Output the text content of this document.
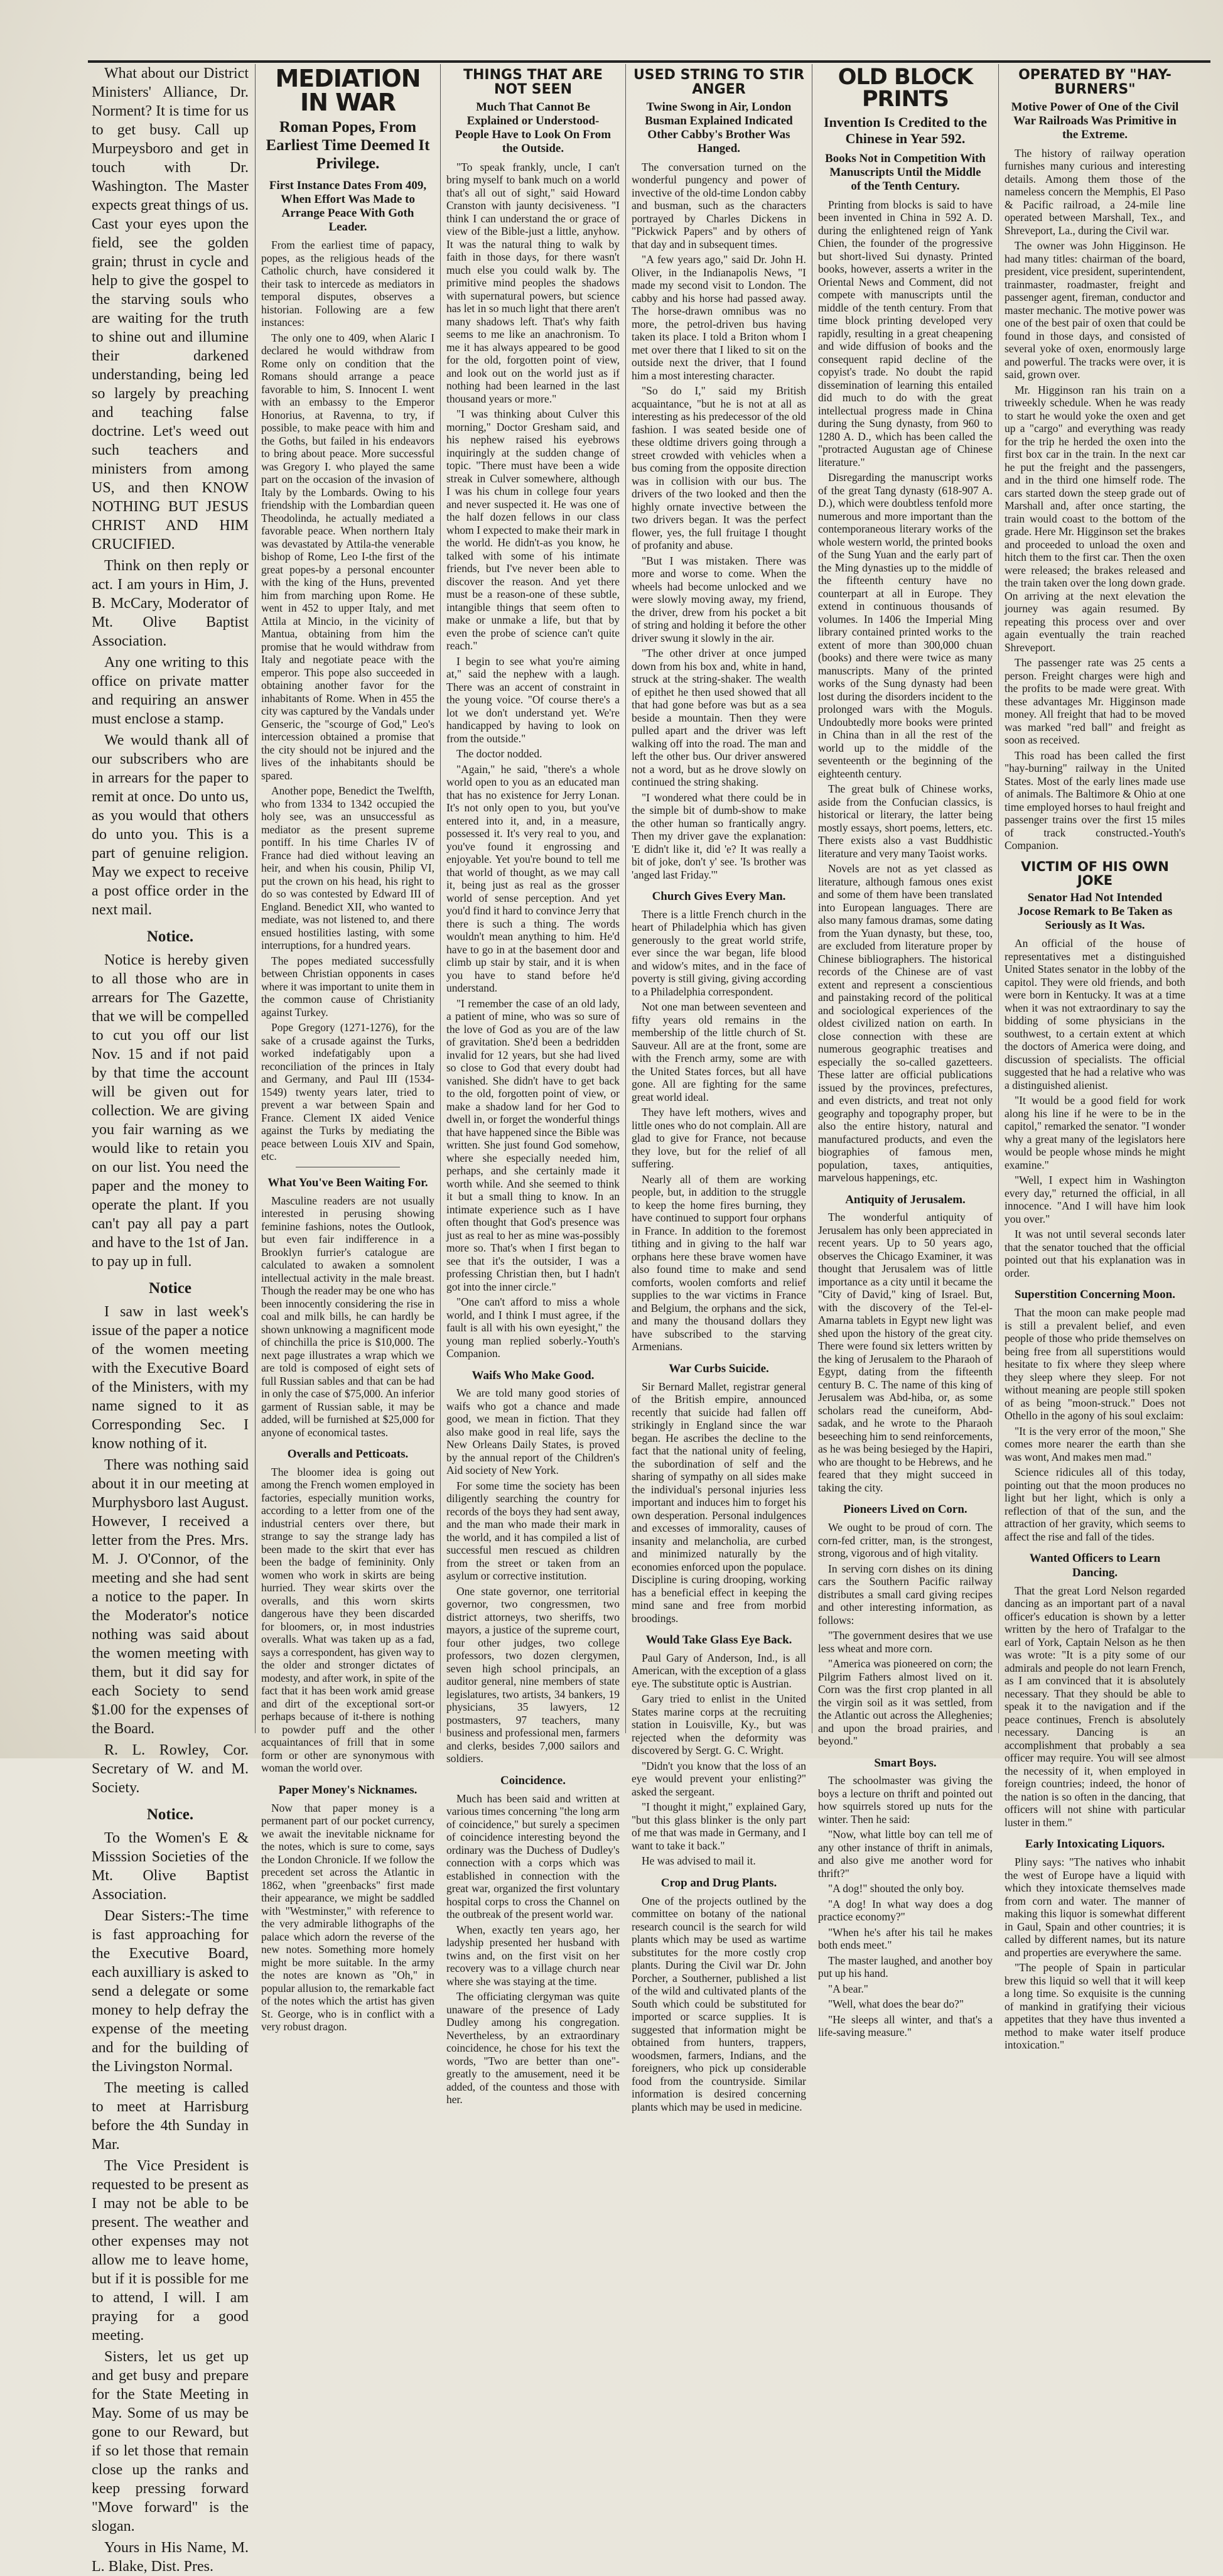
What about our District Ministers' Alliance, Dr. Norment? It is time for us to get busy. Call up Murpeysboro and get in touch with Dr. Washington. The Master expects great things of us. Cast your eyes upon the field, see the golden grain; thrust in cycle and help to give the gospel to the starving souls who are waiting for the truth to shine out and illumine their darkened understanding, being led so largely by preaching and teaching false doctrine. Let's weed out such teachers and ministers from among US, and then KNOW NOTHING BUT JESUS CHRIST AND HIM CRUCIFIED.

Think on then reply or act. I am yours in Him, J. B. McCary, Moderator of Mt. Olive Baptist Association.

Any one writing to this office on private matter and requiring an answer must enclose a stamp.

We would thank all of our subscribers who are in arrears for the paper to remit at once. Do unto us, as you would that others do unto you. This is a part of genuine religion. May we expect to receive a post office order in the next mail.

Notice.

Notice is hereby given to all those who are in arrears for The Gazette, that we will be compelled to cut you off our list Nov. 15 and if not paid by that time the account will be given out for collection. We are giving you fair warning as we would like to retain you on our list. You need the paper and the money to operate the plant. If you can't pay all pay a part and have to the 1st of Jan. to pay up in full.

Notice

I saw in last week's issue of the paper a notice of the women meeting with the Executive Board of the Ministers, with my name signed to it as Corresponding Sec. I know nothing of it.

There was nothing said about it in our meeting at Murphysboro last August. However, I received a letter from the Pres. Mrs. M. J. O'Connor, of the meeting and she had sent a notice to the paper. In the Moderator's notice nothing was said about the women meeting with them, but it did say for each Society to send $1.00 for the expenses of the Board.

R. L. Rowley, Cor. Secretary of W. and M. Society.

Notice.

To the Women's E & Misssion Societies of the Mt. Olive Baptist Association.

Dear Sisters:-The time is fast approaching for the Executive Board, each auxilliary is asked to send a delegate or some money to help defray the expense of the meeting and for the building of the Livingston Normal.

The meeting is called to meet at Harrisburg before the 4th Sunday in Mar.

The Vice President is requested to be present as I may not be able to be present. The weather and other expenses may not allow me to leave home, but if it is possible for me to attend, I will. I am praying for a good meeting.

Sisters, let us get up and get busy and prepare for the State Meeting in May. Some of us may be gone to our Reward, but if so let those that remain close up the ranks and keep pressing forward "Move forward" is the slogan.

Yours in His Name, M. L. Blake, Dist. Pres.

MEDIATION IN WAR
Roman Popes, From Earliest Time Deemed It Privilege.
First Instance Dates From 409, When Effort Was Made to Arrange Peace With Goth Leader.

From the earliest time of papacy, popes, as the religious heads of the Catholic church, have considered it their task to intercede as mediators in temporal disputes, observes a historian. Following are a few instances:

The only one to 409, when Alaric I declared he would withdraw from Rome only on condition that the Romans should arrange a peace favorable to him, S. Innocent I. went with an embassy to the Emperor Honorius, at Ravenna, to try, if possible, to make peace with him and the Goths, but failed in his endeavors to bring about peace. More successful was Gregory I. who played the same part on the occasion of the invasion of Italy by the Lombards. Owing to his friendship with the Lombardian queen Theodolinda, he actually mediated a favorable peace. When northern Italy was devastated by Attila-the venerable bishop of Rome, Leo I-the first of the great popes-by a personal encounter with the king of the Huns, prevented him from marching upon Rome. He went in 452 to upper Italy, and met Attila at Mincio, in the vicinity of Mantua, obtaining from him the promise that he would withdraw from Italy and negotiate peace with the emperor. This pope also succeeded in obtaining another favor for the inhabitants of Rome. When in 455 the city was captured by the Vandals under Genseric, the "scourge of God," Leo's intercession obtained a promise that the city should not be injured and the lives of the inhabitants should be spared.

Another pope, Benedict the Twelfth, who from 1334 to 1342 occupied the holy see, was an unsuccessful as mediator as the present supreme pontiff. In his time Charles IV of France had died without leaving an heir, and when his cousin, Philip VI, put the crown on his head, his right to do so was contested by Edward III of England. Benedict XII, who wanted to mediate, was not listened to, and there ensued hostilities lasting, with some interruptions, for a hundred years.

The popes mediated successfully between Christian opponents in cases where it was important to unite them in the common cause of Christianity against Turkey.

Pope Gregory (1271-1276), for the sake of a crusade against the Turks, worked indefatigably upon a reconciliation of the princes in Italy and Germany, and Paul III (1534-1549) twenty years later, tried to prevent a war between Spain and France. Clement IX aided Venice against the Turks by mediating the peace between Louis XIV and Spain, etc.

What You've Been Waiting For.

Masculine readers are not usually interested in perusing showing feminine fashions, notes the Outlook, but even fair indifference in a Brooklyn furrier's catalogue are calculated to awaken a somnolent intellectual activity in the male breast. Though the reader may be one who has been innocently considering the rise in coal and milk bills, he can hardly be shown unknowing a magnificent mode of chinchilla the price is $10,000. The next page illustrates a wrap which we are told is composed of eight sets of full Russian sables and that can be had in only the case of $75,000. An inferior garment of Russian sable, it may be added, will be furnished at $25,000 for anyone of economical tastes.

Overalls and Petticoats.

The bloomer idea is going out among the French women employed in factories, especially munition works, according to a letter from one of the industrial centers over there, but strange to say the strange lady has been made to the skirt that ever has been the badge of femininity. Only women who work in skirts are being hurried. They wear skirts over the overalls, and this worn skirts dangerous have they been discarded for bloomers, or, in most industries overalls. What was taken up as a fad, says a correspondent, has given way to the older and stronger dictates of modesty, and after work, in spite of the fact that it has been work amid grease and dirt of the exceptional sort-or perhaps because of it-there is nothing to powder puff and the other acquaintances of frill that in some form or other are synonymous with woman the world over.

Paper Money's Nicknames.

Now that paper money is a permanent part of our pocket currency, we await the inevitable nickname for the notes, which is sure to come, says the London Chronicle. If we follow the precedent set across the Atlantic in 1862, when "greenbacks" first made their appearance, we might be saddled with "Westminster," with reference to the very admirable lithographs of the palace which adorn the reverse of the new notes. Something more homely might be more suitable. In the army the notes are known as "Oh," in popular allusion to, the remarkable fact of the notes which the artist has given St. George, who is in conflict with a very robust dragon.

THINGS THAT ARE NOT SEEN
Much That Cannot Be Explained or Understood-People Have to Look On From the Outside.

"To speak frankly, uncle, I can't bring myself to bank much on a world that's all out of sight," said Howard Cranston with jaunty decisiveness. "I think I can understand the or grace of view of the Bible-just a little, anyhow. It was the natural thing to walk by faith in those days, for there wasn't much else you could walk by. The primitive mind peoples the shadows with supernatural powers, but science has let in so much light that there aren't many shadows left. That's why faith seems to me like an anachronism. To me it has always appeared to be good for the old, forgotten point of view, and look out on the world just as if nothing had been learned in the last thousand years or more."

"I was thinking about Culver this morning," Doctor Gresham said, and his nephew raised his eyebrows inquiringly at the sudden change of topic. "There must have been a wide streak in Culver somewhere, although I was his chum in college four years and never suspected it. He was one of the half dozen fellows in our class whom I expected to make their mark in the world. He didn't-as you know, he talked with some of his intimate friends, but I've never been able to discover the reason. And yet there must be a reason-one of these subtle, intangible things that seem often to make or unmake a life, but that by even the probe of science can't quite reach."

I begin to see what you're aiming at," said the nephew with a laugh. There was an accent of constraint in the young voice. "Of course there's a lot we don't understand yet. We're handicapped by having to look on from the outside."

The doctor nodded.

"Again," he said, "there's a whole world open to you as an educated man that has no existence for Jerry Lonan. It's not only open to you, but you've entered into it, and, in a measure, possessed it. It's very real to you, and you've found it engrossing and enjoyable. Yet you're bound to tell me that world of thought, as we may call it, being just as real as the grosser world of sense perception. And yet you'd find it hard to convince Jerry that there is such a thing. The words wouldn't mean anything to him. He'd have to go in at the basement door and climb up stair by stair, and it is when you have to stand before he'd understand.

"I remember the case of an old lady, a patient of mine, who was so sure of the love of God as you are of the law of gravitation. She'd been a bedridden invalid for 12 years, but she had lived so close to God that every doubt had vanished. She didn't have to get back to the old, forgotten point of view, or make a shadow land for her God to dwell in, or forget the wonderful things that have happened since the Bible was written. She just found God somehow, where she especially needed him, perhaps, and she certainly made it worth while. And she seemed to think it but a small thing to know. In an intimate experience such as I have often thought that God's presence was just as real to her as mine was-possibly more so. That's when I first began to see that it's the outsider, I was a professing Christian then, but I hadn't got into the inner circle."

"One can't afford to miss a whole world, and I think I must agree, if the fault is all with his own eyesight," the young man replied soberly.-Youth's Companion.

Waifs Who Make Good.

We are told many good stories of waifs who got a chance and made good, we mean in fiction. That they also make good in real life, says the New Orleans Daily States, is proved by the annual report of the Children's Aid society of New York.

For some time the society has been diligently searching the country for records of the boys they had sent away, and the man who made their mark in the world, and it has compiled a list of successful men rescued as children from the street or taken from an asylum or corrective institution.

One state governor, one territorial governor, two congressmen, two district attorneys, two sheriffs, two mayors, a justice of the supreme court, four other judges, two college professors, two dozen clergymen, seven high school principals, an auditor general, nine members of state legislatures, two artists, 34 bankers, 19 physicians, 35 lawyers, 12 postmasters, 97 teachers, many business and professional men, farmers and clerks, besides 7,000 sailors and soldiers.

Coincidence.

Much has been said and written at various times concerning "the long arm of coincidence," but surely a specimen of coincidence interesting beyond the ordinary was the Duchess of Dudley's connection with a corps which was established in connection with the great war, organized the first voluntary hospital corps to cross the Channel on the outbreak of the present world war.

When, exactly ten years ago, her ladyship presented her husband with twins and, on the first visit on her recovery was to a village church near where she was staying at the time.

The officiating clergyman was quite unaware of the presence of Lady Dudley among his congregation. Nevertheless, by an extraordinary coincidence, he chose for his text the words, "Two are better than one"-greatly to the amusement, need it be added, of the countess and those with her.

USED STRING TO STIR ANGER
Twine Swong in Air, London Busman Explained Indicated Other Cabby's Brother Was Hanged.

The conversation turned on the wonderful pungency and power of invective of the old-time London cabby and busman, such as the characters portrayed by Charles Dickens in "Pickwick Papers" and by others of that day and in subsequent times.

"A few years ago," said Dr. John H. Oliver, in the Indianapolis News, "I made my second visit to London. The cabby and his horse had passed away. The horse-drawn omnibus was no more, the petrol-driven bus having taken its place. I told a Briton whom I met over there that I liked to sit on the outside next the driver, that I found him a most interesting character.

"So do I," said my British acquaintance, "but he is not at all as interesting as his predecessor of the old fashion. I was seated beside one of these oldtime drivers going through a street crowded with vehicles when a bus coming from the opposite direction was in collision with our bus. The drivers of the two looked and then the highly ornate invective between the two drivers began. It was the perfect flower, yes, the full fruitage I thought of profanity and abuse.

"But I was mistaken. There was more and worse to come. When the wheels had become unlocked and we were slowly moving away, my friend, the driver, drew from his pocket a bit of string and holding it before the other driver swung it slowly in the air.

"The other driver at once jumped down from his box and, white in hand, struck at the string-shaker. The wealth of epithet he then used showed that all that had gone before was but as a sea beside a mountain. Then they were pulled apart and the driver was left walking off into the road. The man and left the other bus. Our driver answered not a word, but as he drove slowly on continued the string shaking.

"I wondered what there could be in the simple bit of dumb-show to make the other human so frantically angry. Then my driver gave the explanation: 'E didn't like it, did 'e? It was really a bit of joke, don't y' see. 'Is brother was 'anged last Friday.'"

Church Gives Every Man.

There is a little French church in the heart of Philadelphia which has given generously to the great world strife, ever since the war began, life blood and widow's mites, and in the face of poverty is still giving, giving according to a Philadelphia correspondent.

Not one man between seventeen and fifty years old remains in the membership of the little church of St. Sauveur. All are at the front, some are with the French army, some are with the United States forces, but all have gone. All are fighting for the same great world ideal.

They have left mothers, wives and little ones who do not complain. All are glad to give for France, not because they love, but for the relief of all suffering.

Nearly all of them are working people, but, in addition to the struggle to keep the home fires burning, they have continued to support four orphans in France. In addition to the foremost tithing and in giving to the half war orphans here these brave women have also found time to make and send comforts, woolen comforts and relief supplies to the war victims in France and Belgium, the orphans and the sick, and many the thousand dollars they have subscribed to the starving Armenians.

War Curbs Suicide.

Sir Bernard Mallet, registrar general of the British empire, announced recently that suicide had fallen off strikingly in England since the war began. He ascribes the decline to the fact that the national unity of feeling, the subordination of self and the sharing of sympathy on all sides make the individual's personal injuries less important and induces him to forget his own desperation. Personal indulgences and excesses of immorality, causes of insanity and melancholia, are curbed and minimized naturally by the economies enforced upon the populace. Discipline is curing drooping, working has a beneficial effect in keeping the mind sane and free from morbid broodings.

Would Take Glass Eye Back.

Paul Gary of Anderson, Ind., is all American, with the exception of a glass eye. The substitute optic is Austrian.

Gary tried to enlist in the United States marine corps at the recruiting station in Louisville, Ky., but was rejected when the deformity was discovered by Sergt. G. C. Wright.

"Didn't you know that the loss of an eye would prevent your enlisting?" asked the sergeant.

"I thought it might," explained Gary, "but this glass blinker is the only part of me that was made in Germany, and I want to take it back."

He was advised to mail it.

Crop and Drug Plants.

One of the projects outlined by the committee on botany of the national research council is the search for wild plants which may be used as wartime substitutes for the more costly crop plants. During the Civil war Dr. John Porcher, a Southerner, published a list of the wild and cultivated plants of the South which could be substituted for imported or scarce supplies. It is suggested that information might be obtained from hunters, trappers, woodsmen, farmers, Indians, and the foreigners, who pick up considerable food from the countryside. Similar information is desired concerning plants which may be used in medicine.

OLD BLOCK PRINTS
Invention Is Credited to the Chinese in Year 592.
Books Not in Competition With Manuscripts Until the Middle of the Tenth Century.

Printing from blocks is said to have been invented in China in 592 A. D. during the enlightened reign of Yank Chien, the founder of the progressive but short-lived Sui dynasty. Printed books, however, asserts a writer in the Oriental News and Comment, did not compete with manuscripts until the middle of the tenth century. From that time block printing developed very rapidly, resulting in a great cheapening and wide diffusion of books and the consequent rapid decline of the copyist's trade. No doubt the rapid dissemination of learning this entailed did much to do with the great intellectual progress made in China during the Sung dynasty, from 960 to 1280 A. D., which has been called the "protracted Augustan age of Chinese literature."

Disregarding the manuscript works of the great Tang dynasty (618-907 A. D.), which were doubtless tenfold more numerous and more important than the contemporaneous literary works of the whole western world, the printed books of the Sung Yuan and the early part of the Ming dynasties up to the middle of the fifteenth century have no counterpart at all in Europe. They extend in continuous thousands of volumes. In 1406 the Imperial Ming library contained printed works to the extent of more than 300,000 chuan (books) and there were twice as many manuscripts. Many of the printed works of the Sung dynasty had been lost during the disorders incident to the prolonged wars with the Moguls. Undoubtedly more books were printed in China than in all the rest of the world up to the middle of the seventeenth or the beginning of the eighteenth century.

The great bulk of Chinese works, aside from the Confucian classics, is historical or literary, the latter being mostly essays, short poems, letters, etc. There exists also a vast Buddhistic literature and very many Taoist works.

Novels are not as yet classed as literature, although famous ones exist and some of them have been translated into European languages. There are also many famous dramas, some dating from the Yuan dynasty, but these, too, are excluded from literature proper by Chinese bibliographers. The historical records of the Chinese are of vast extent and represent a conscientious and painstaking record of the political and sociological experiences of the oldest civilized nation on earth. In close connection with these are numerous geographic treatises and especially the so-called gazetteers. These latter are official publications issued by the provinces, prefectures, and even districts, and treat not only geography and topography proper, but also the entire history, natural and manufactured products, and even the biographies of famous men, population, taxes, antiquities, marvelous happenings, etc.

Antiquity of Jerusalem.

The wonderful antiquity of Jerusalem has only been appreciated in recent years. Up to 50 years ago, observes the Chicago Examiner, it was thought that Jerusalem was of little importance as a city until it became the "City of David," king of Israel. But, with the discovery of the Tel-el-Amarna tablets in Egypt new light was shed upon the history of the great city. There were found six letters written by the king of Jerusalem to the Pharaoh of Egypt, dating from the fifteenth century B. C. The name of this king of Jerusalem was Abd-hiba, or, as some scholars read the cuneiform, Abd-sadak, and he wrote to the Pharaoh beseeching him to send reinforcements, as he was being besieged by the Hapiri, who are thought to be Hebrews, and he feared that they might succeed in taking the city.

Pioneers Lived on Corn.

We ought to be proud of corn. The corn-fed critter, man, is the strongest, strong, vigorous and of high vitality.

In serving corn dishes on its dining cars the Southern Pacific railway distributes a small card giving recipes and other interesting information, as follows:

"The government desires that we use less wheat and more corn.

"America was pioneered on corn; the Pilgrim Fathers almost lived on it. Corn was the first crop planted in all the virgin soil as it was settled, from the Atlantic out across the Alleghenies; and upon the broad prairies, and beyond."

Smart Boys.

The schoolmaster was giving the boys a lecture on thrift and pointed out how squirrels stored up nuts for the winter. Then he said:

"Now, what little boy can tell me of any other instance of thrift in animals, and also give me another word for thrift?"

"A dog!" shouted the only boy.

"A dog! In what way does a dog practice economy?"

"When he's after his tail he makes both ends meet."

The master laughed, and another boy put up his hand.

"A bear."

"Well, what does the bear do?"

"He sleeps all winter, and that's a life-saving measure."

OPERATED BY "HAY-BURNERS"
Motive Power of One of the Civil War Railroads Was Primitive in the Extreme.

The history of railway operation furnishes many curious and interesting details. Among them those of the nameless concern the Memphis, El Paso & Pacific railroad, a 24-mile line operated between Marshall, Tex., and Shreveport, La., during the Civil war.

The owner was John Higginson. He had many titles: chairman of the board, president, vice president, superintendent, trainmaster, roadmaster, freight and passenger agent, fireman, conductor and master mechanic. The motive power was one of the best pair of oxen that could be found in those days, and consisted of several yoke of oxen, enormously large and powerful. The tracks were over, it is said, grown over.

Mr. Higginson ran his train on a triweekly schedule. When he was ready to start he would yoke the oxen and get up a "cargo" and everything was ready for the trip he herded the oxen into the first box car in the train. In the next car he put the freight and the passengers, and in the third one himself rode. The cars started down the steep grade out of Marshall and, after once starting, the train would coast to the bottom of the grade. Here Mr. Higginson set the brakes and proceeded to unload the oxen and hitch them to the first car. Then the oxen were released; the brakes released and the train taken over the long down grade. On arriving at the next elevation the journey was again resumed. By repeating this process over and over again eventually the train reached Shreveport.

The passenger rate was 25 cents a person. Freight charges were high and the profits to be made were great. With these advantages Mr. Higginson made money. All freight that had to be moved was marked "red ball" and freight as soon as received.

This road has been called the first "hay-burning" railway in the United States. Most of the early lines made use of animals. The Baltimore & Ohio at one time employed horses to haul freight and passenger trains over the first 15 miles of track constructed.-Youth's Companion.

VICTIM OF HIS OWN JOKE
Senator Had Not Intended Jocose Remark to Be Taken as Seriously as It Was.

An official of the house of representatives met a distinguished United States senator in the lobby of the capitol. They were old friends, and both were born in Kentucky. It was at a time when it was not extraordinary to say the bidding of some physicians in the southwest, to a certain extent at which the doctors of America were doing, and discussion of specialists. The official suggested that he had a relative who was a distinguished alienist.

"It would be a good field for work along his line if he were to be in the capitol," remarked the senator. "I wonder why a great many of the legislators here would be people whose minds he might examine."

"Well, I expect him in Washington every day," returned the official, in all innocence. "And I will have him look you over."

It was not until several seconds later that the senator touched that the official pointed out that his explanation was in order.

Superstition Concerning Moon.

That the moon can make people mad is still a prevalent belief, and even people of those who pride themselves on being free from all superstitions would hesitate to fix where they sleep where they sleep where they sleep. For not without meaning are people still spoken of as being "moon-struck." Does not Othello in the agony of his soul exclaim:

"It is the very error of the moon," She comes more nearer the earth than she was wont, And makes men mad."

Science ridicules all of this today, pointing out that the moon produces no light but her light, which is only a reflection of that of the sun, and the attraction of her gravity, which seems to affect the rise and fall of the tides.

Wanted Officers to Learn Dancing.

That the great Lord Nelson regarded dancing as an important part of a naval officer's education is shown by a letter written by the hero of Trafalgar to the earl of York, Captain Nelson as he then was wrote: "It is a pity some of our admirals and people do not learn French, as I am convinced that it is absolutely necessary. That they should be able to speak it to the navigation and if the peace continues, French is absolutely necessary. Dancing is an accomplishment that probably a sea officer may require. You will see almost the necessity of it, when employed in foreign countries; indeed, the honor of the nation is so often in the dancing, that officers will not shine with particular luster in them."

Early Intoxicating Liquors.

Pliny says: "The natives who inhabit the west of Europe have a liquid with which they intoxicate themselves made from corn and water. The manner of making this liquor is somewhat different in Gaul, Spain and other countries; it is called by different names, but its nature and properties are everywhere the same.

"The people of Spain in particular brew this liquid so well that it will keep a long time. So exquisite is the cunning of mankind in gratifying their vicious appetites that they have thus invented a method to make water itself produce intoxication."
